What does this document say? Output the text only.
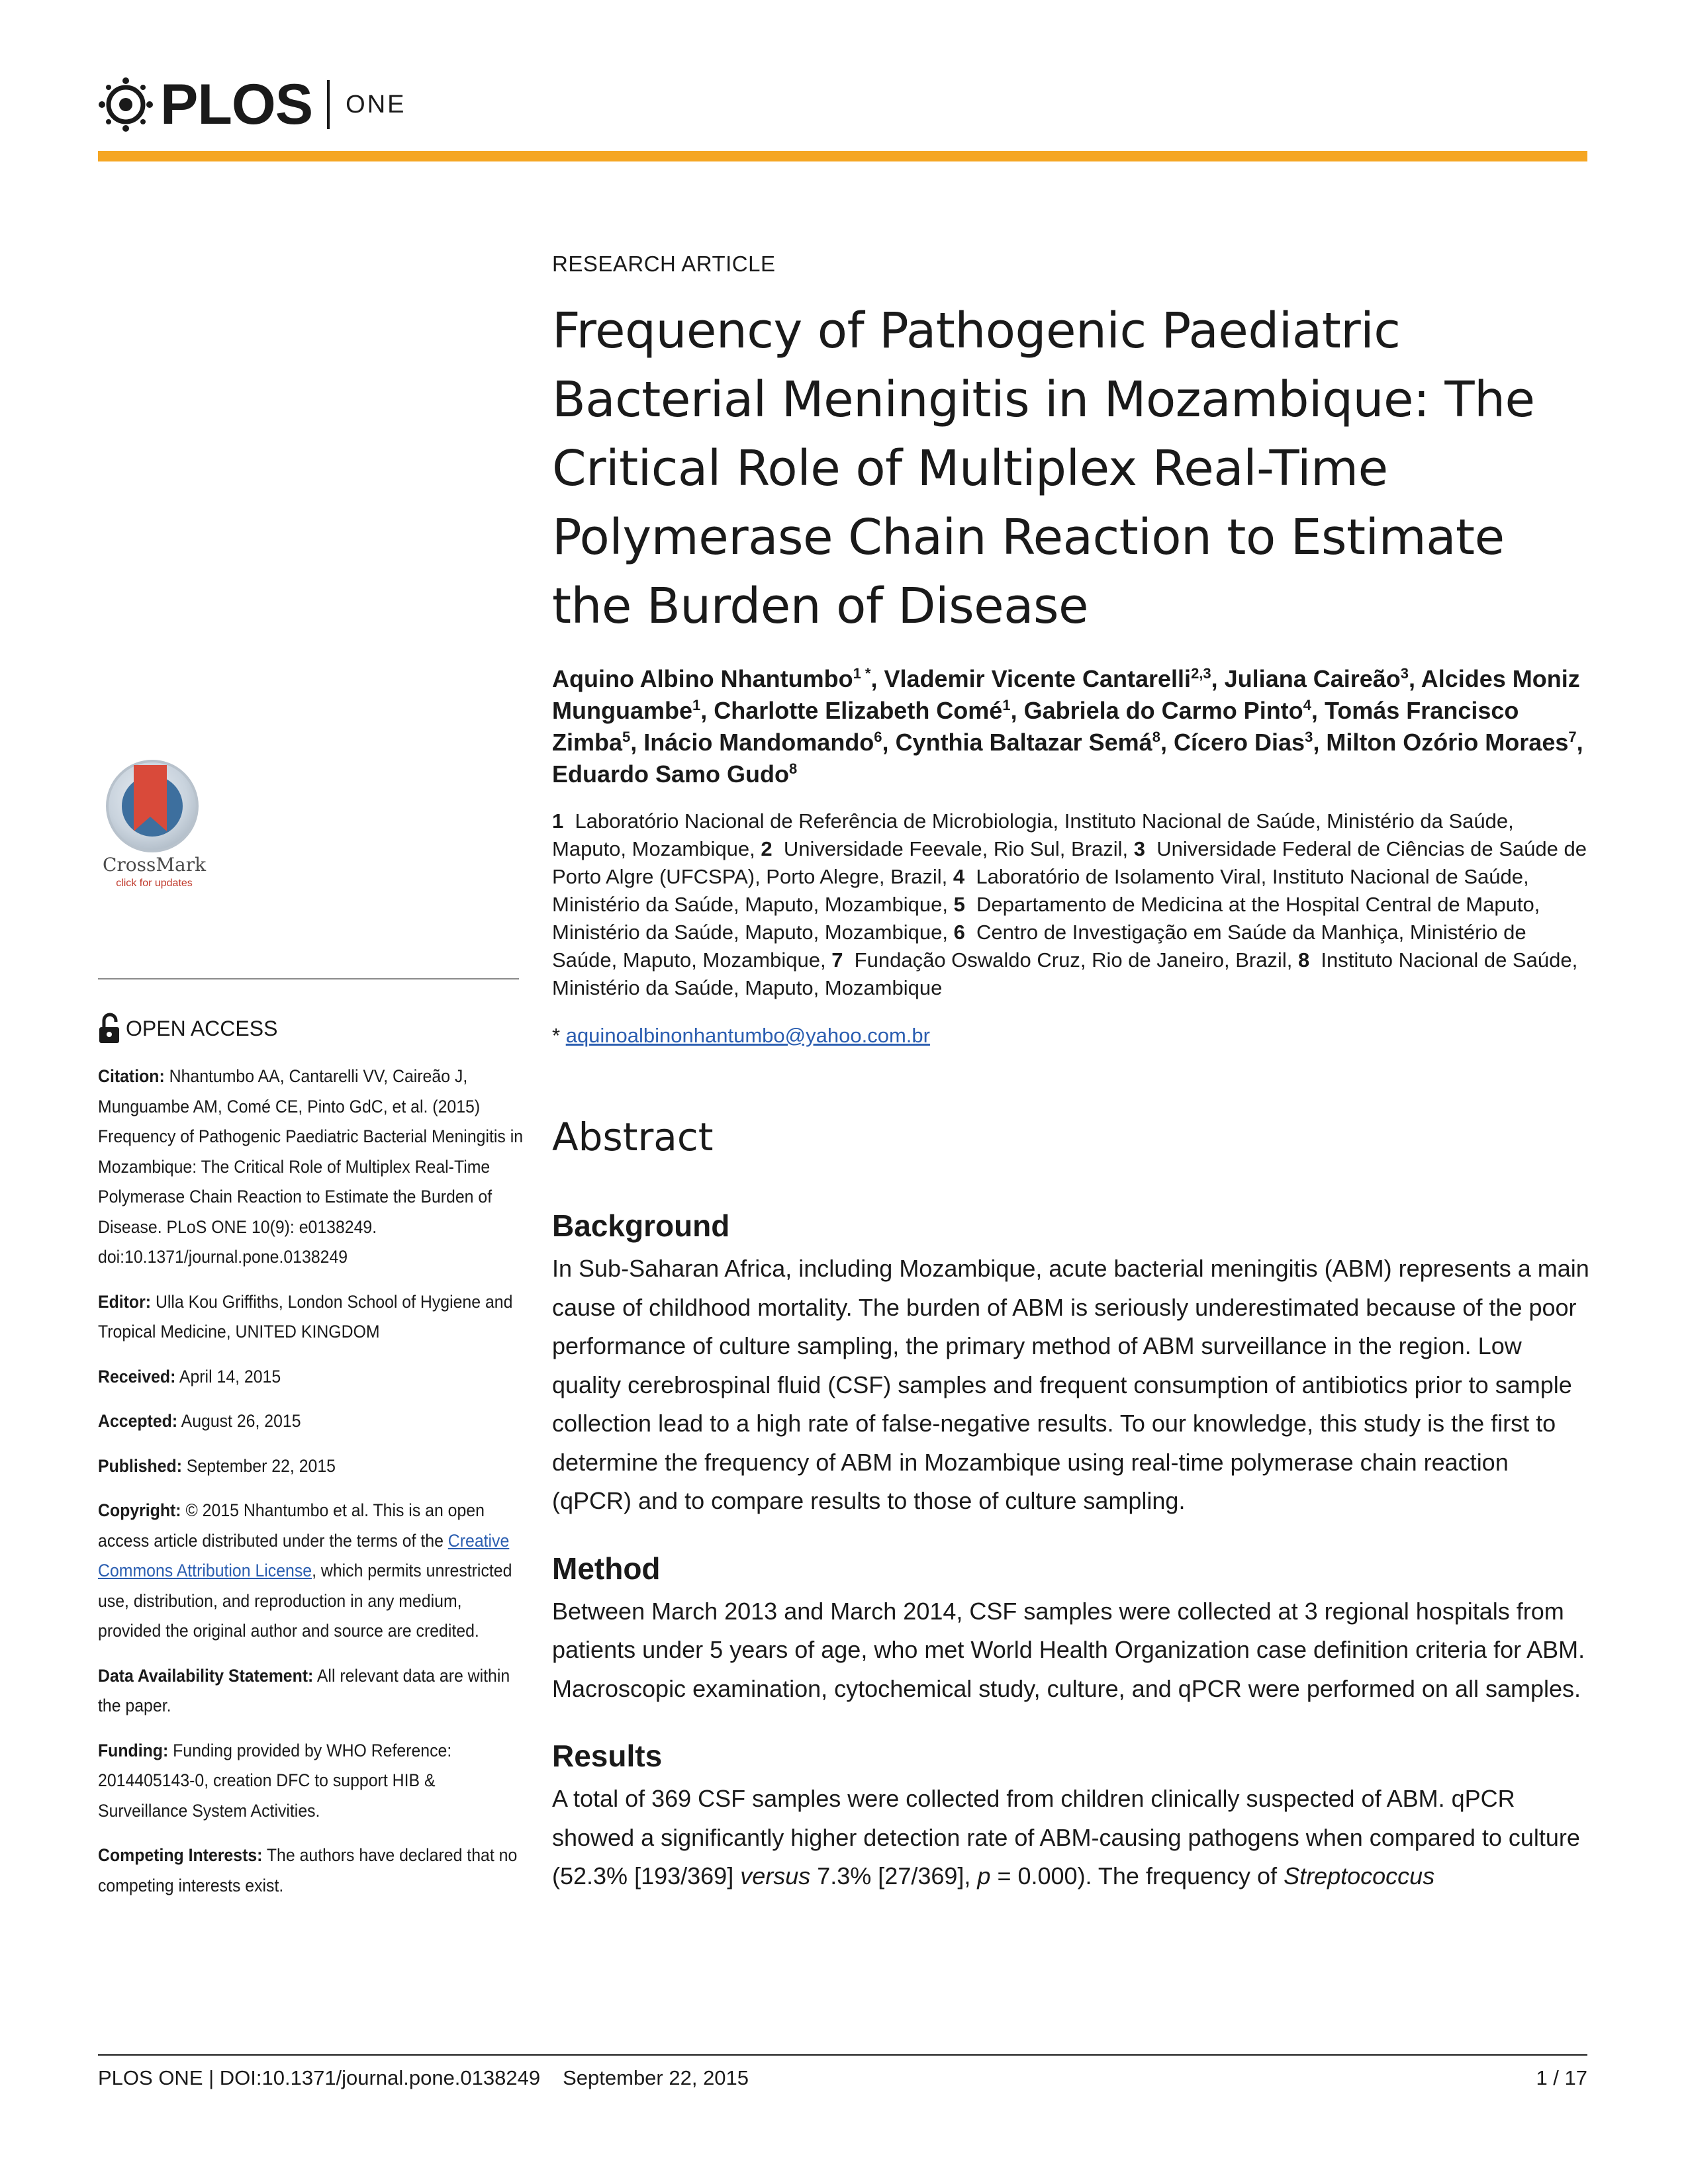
PLOS ONE
CrossMark
click for updates
OPEN ACCESS
Citation: Nhantumbo AA, Cantarelli VV, Caireão J, Munguambe AM, Comé CE, Pinto GdC, et al. (2015) Frequency of Pathogenic Paediatric Bacterial Meningitis in Mozambique: The Critical Role of Multiplex Real-Time Polymerase Chain Reaction to Estimate the Burden of Disease. PLoS ONE 10(9): e0138249. doi:10.1371/journal.pone.0138249
Editor: Ulla Kou Griffiths, London School of Hygiene and Tropical Medicine, UNITED KINGDOM
Received: April 14, 2015
Accepted: August 26, 2015
Published: September 22, 2015
Copyright: © 2015 Nhantumbo et al. This is an open access article distributed under the terms of the Creative Commons Attribution License, which permits unrestricted use, distribution, and reproduction in any medium, provided the original author and source are credited.
Data Availability Statement: All relevant data are within the paper.
Funding: Funding provided by WHO Reference: 2014405143-0, creation DFC to support HIB & Surveillance System Activities.
Competing Interests: The authors have declared that no competing interests exist.
RESEARCH ARTICLE
Frequency of Pathogenic Paediatric Bacterial Meningitis in Mozambique: The Critical Role of Multiplex Real-Time Polymerase Chain Reaction to Estimate the Burden of Disease
Aquino Albino Nhantumbo$^{1 *}$, Vlademir Vicente Cantarelli$^{2,3}$, Juliana Caireão$^3$, Alcides Moniz Munguambe$^1$, Charlotte Elizabeth Comé$^1$, Gabriela do Carmo Pinto$^4$, Tomás Francisco Zimba$^5$, Inácio Mandomando$^6$, Cynthia Baltazar Semá$^8$, Cícero Dias$^3$, Milton Ozório Moraes$^7$, Eduardo Samo Gudo$^8$
1  Laboratório Nacional de Referência de Microbiologia, Instituto Nacional de Saúde, Ministério da Saúde, Maputo, Mozambique, 2  Universidade Feevale, Rio Sul, Brazil, 3  Universidade Federal de Ciências de Saúde de Porto Algre (UFCSPA), Porto Alegre, Brazil, 4  Laboratório de Isolamento Viral, Instituto Nacional de Saúde, Ministério da Saúde, Maputo, Mozambique, 5  Departamento de Medicina at the Hospital Central de Maputo, Ministério da Saúde, Maputo, Mozambique, 6  Centro de Investigação em Saúde da Manhiça, Ministério de Saúde, Maputo, Mozambique, 7  Fundação Oswaldo Cruz, Rio de Janeiro, Brazil, 8  Instituto Nacional de Saúde, Ministério da Saúde, Maputo, Mozambique
* aquinoalbinonhantumbo@yahoo.com.br
Abstract
Background

In Sub-Saharan Africa, including Mozambique, acute bacterial meningitis (ABM) represents a main cause of childhood mortality. The burden of ABM is seriously underestimated because of the poor performance of culture sampling, the primary method of ABM surveillance in the region. Low quality cerebrospinal fluid (CSF) samples and frequent consumption of antibiotics prior to sample collection lead to a high rate of false-negative results. To our knowledge, this study is the first to determine the frequency of ABM in Mozambique using real-time polymerase chain reaction (qPCR) and to compare results to those of culture sampling.

Method

Between March 2013 and March 2014, CSF samples were collected at 3 regional hospitals from patients under 5 years of age, who met World Health Organization case definition criteria for ABM. Macroscopic examination, cytochemical study, culture, and qPCR were performed on all samples.

Results

A total of 369 CSF samples were collected from children clinically suspected of ABM. qPCR showed a significantly higher detection rate of ABM-causing pathogens when compared to culture (52.3% [193/369] versus 7.3% [27/369], p = 0.000). The frequency of Streptococcus

PLOS ONE | DOI:10.1371/journal.pone.0138249 September 22, 2015	1 / 17
